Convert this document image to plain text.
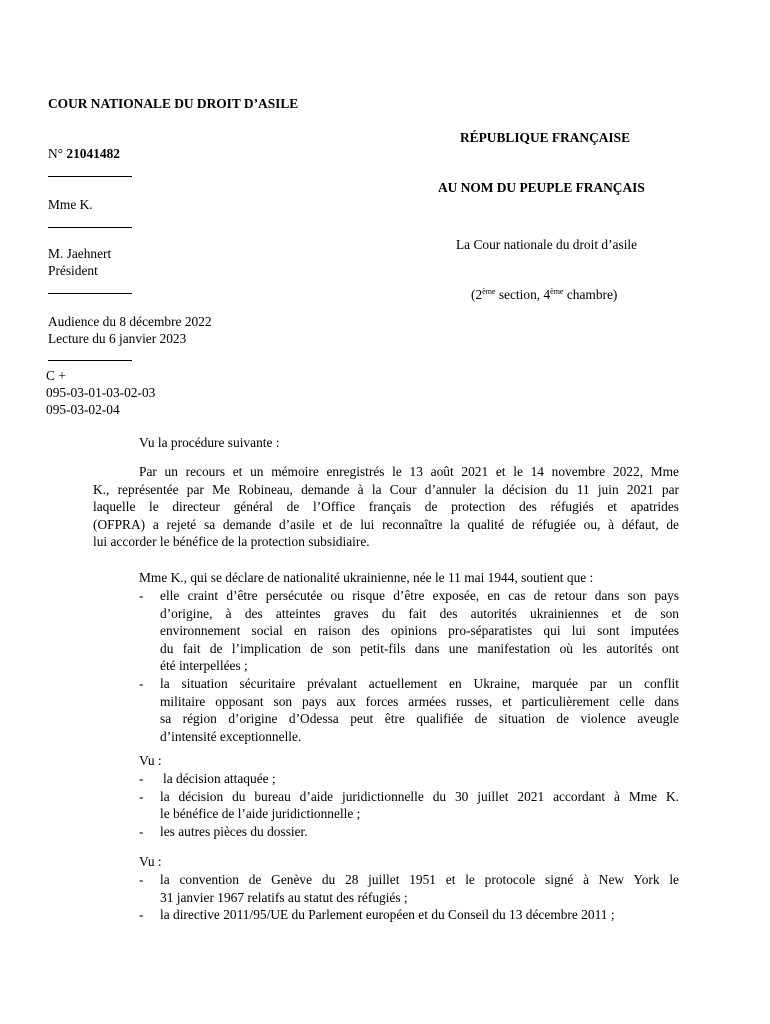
COUR NATIONALE DU DROIT D’ASILE
N° 21041482
Mme K.
M. Jaehnert
Président
Audience du 8 décembre 2022
Lecture du 6 janvier 2023
C +
095-03-01-03-02-03
095-03-02-04
RÉPUBLIQUE FRANÇAISE
AU NOM DU PEUPLE FRANÇAIS
La Cour nationale du droit d’asile
(2ème section, 4ème chambre)
Vu la procédure suivante :
Par un recours et un mémoire enregistrés le 13 août 2021 et le 14 novembre 2022, Mme
K., représentée par Me Robineau, demande à la Cour d’annuler la décision du 11 juin 2021 par
laquelle le directeur général de l’Office français de protection des réfugiés et apatrides
(OFPRA) a rejeté sa demande d’asile et de lui reconnaître la qualité de réfugiée ou, à défaut, de
lui accorder le bénéfice de la protection subsidiaire.
Mme K., qui se déclare de nationalité ukrainienne, née le 11 mai 1944, soutient que :
- elle craint d’être persécutée ou risque d’être exposée, en cas de retour dans son pays
d’origine, à des atteintes graves du fait des autorités ukrainiennes et de son
environnement social en raison des opinions pro-séparatistes qui lui sont imputées
du fait de l’implication de son petit-fils dans une manifestation où les autorités ont
été interpellées ;
- la situation sécuritaire prévalant actuellement en Ukraine, marquée par un conflit
militaire opposant son pays aux forces armées russes, et particulièrement celle dans
sa région d’origine d’Odessa peut être qualifiée de situation de violence aveugle
d’intensité exceptionnelle.
Vu :
- la décision attaquée ;
- la décision du bureau d’aide juridictionnelle du 30 juillet 2021 accordant à Mme K.
le bénéfice de l’aide juridictionnelle ;
- les autres pièces du dossier.
Vu :
- la convention de Genève du 28 juillet 1951 et le protocole signé à New York le
31 janvier 1967 relatifs au statut des réfugiés ;
- la directive 2011/95/UE du Parlement européen et du Conseil du 13 décembre 2011 ;
